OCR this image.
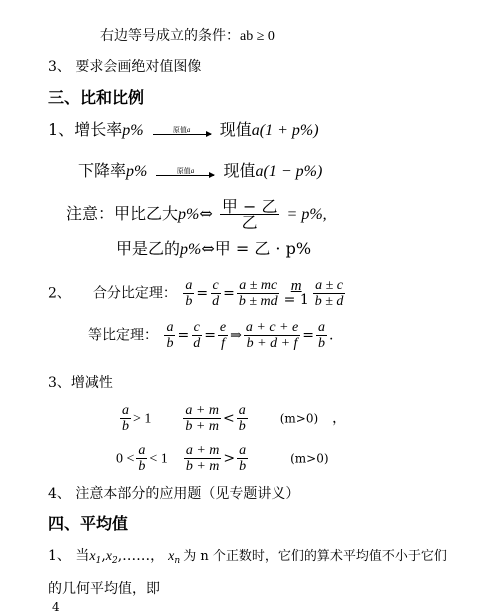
右边等号成立的条件：ab ≥ 0
3、 要求会画绝对值图像
三、比和比例
1、增长率p%	原值a 现值a(1 + p%)
下降率p%	原值a 现值a(1 − p%)
注意：甲比乙大p%⇔ $\frac{\text{甲 − 乙}}{\text{乙}} = p\%$,
甲是乙的p%⇔甲 = 乙 · p%
2、 合分比定理： $\frac{a}{b} = \frac{c}{d} = \frac{a \pm mc}{b \pm md} \frac{m}{= 1} \frac{a \pm c}{b \pm d}$
等比定理： $\frac{a}{b} = \frac{c}{d} = \frac{e}{f}$ ⇒ $\frac{a + c + e}{b + d + f} = \frac{a}{b}$ .
3、增减性
$\frac{a}{b} > 1 \frac{a + m}{b + m} < \frac{a}{b}$	(m>0) ，
$0 < \frac{a}{b} < 1 \frac{a + m}{b + m} > \frac{a}{b}$	(m>0)
4、 注意本部分的应用题（见专题讲义）
四、平均值
1、 当$x_1,x_2,\dots\dots$， $x_n$ 为 n 个正数时，它们的算术平均值不小于它们
的几何平均值，即
4
